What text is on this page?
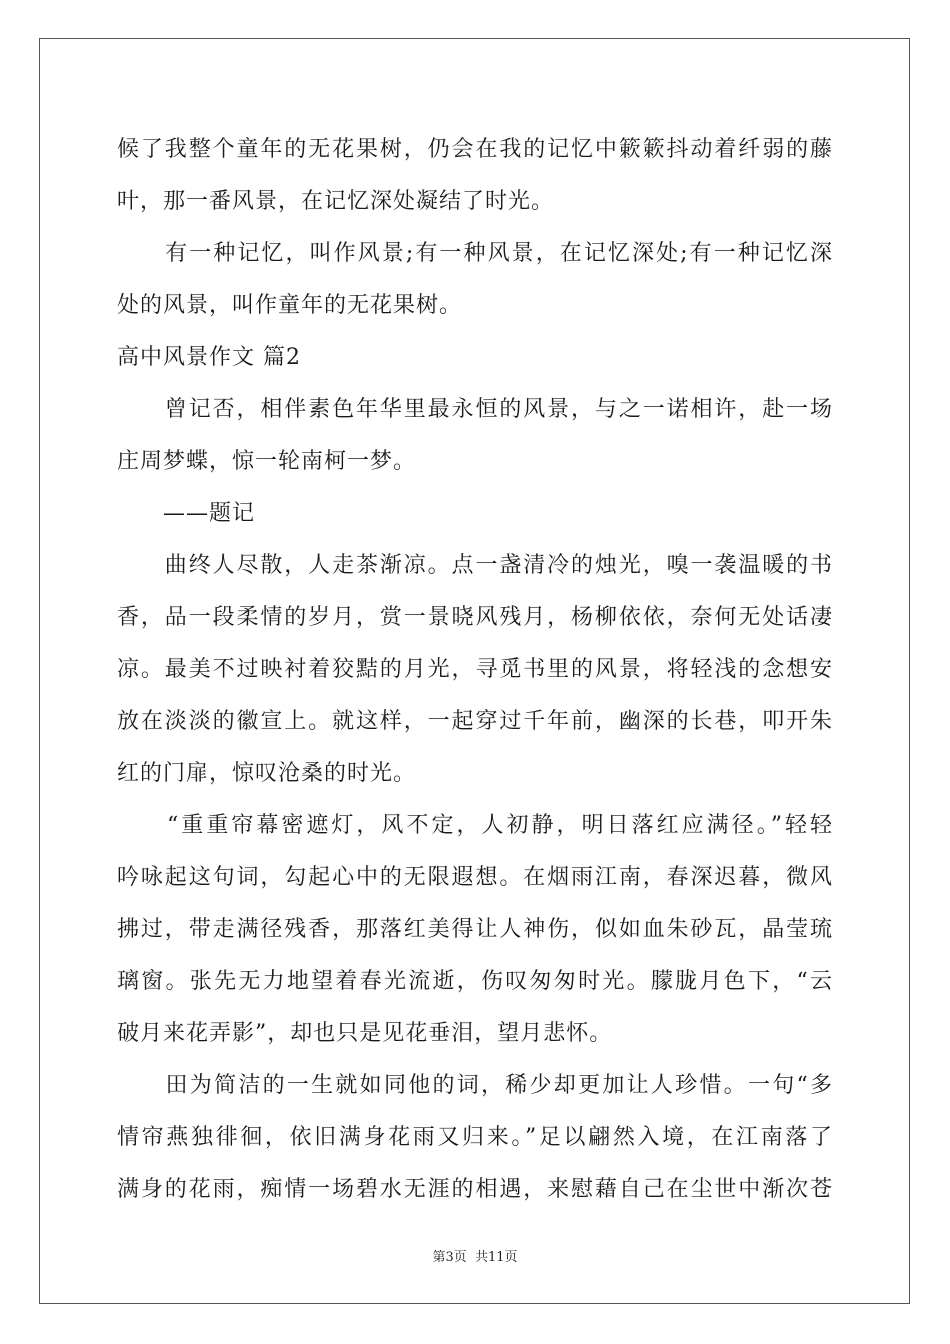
候了我整个童年的无花果树，仍会在我的记忆中簌簌抖动着纤弱的藤
叶，那一番风景，在记忆深处凝结了时光。
　　有一种记忆，叫作风景;有一种风景，在记忆深处;有一种记忆深
处的风景，叫作童年的无花果树。
高中风景作文 篇2
　　曾记否，相伴素色年华里最永恒的风景，与之一诺相许，赴一场
庄周梦蝶，惊一轮南柯一梦。
　　——题记
　　曲终人尽散，人走茶渐凉。点一盏清冷的烛光，嗅一袭温暖的书
香，品一段柔情的岁月，赏一景晓风残月，杨柳依依，奈何无处话凄
凉。最美不过映衬着狡黠的月光，寻觅书里的风景，将轻浅的念想安
放在淡淡的徽宣上。就这样，一起穿过千年前，幽深的长巷，叩开朱
红的门扉，惊叹沧桑的时光。
　　“重重帘幕密遮灯，风不定，人初静，明日落红应满径。”轻轻
吟咏起这句词，勾起心中的无限遐想。在烟雨江南，春深迟暮，微风
拂过，带走满径残香，那落红美得让人神伤，似如血朱砂瓦，晶莹琉
璃窗。张先无力地望着春光流逝，伤叹匆匆时光。朦胧月色下，“云
破月来花弄影”，却也只是见花垂泪，望月悲怀。
　　田为简洁的一生就如同他的词，稀少却更加让人珍惜。一句“多
情帘燕独徘徊，依旧满身花雨又归来。”足以翩然入境，在江南落了
满身的花雨，痴情一场碧水无涯的相遇，来慰藉自己在尘世中渐次苍
第3页 共11页
